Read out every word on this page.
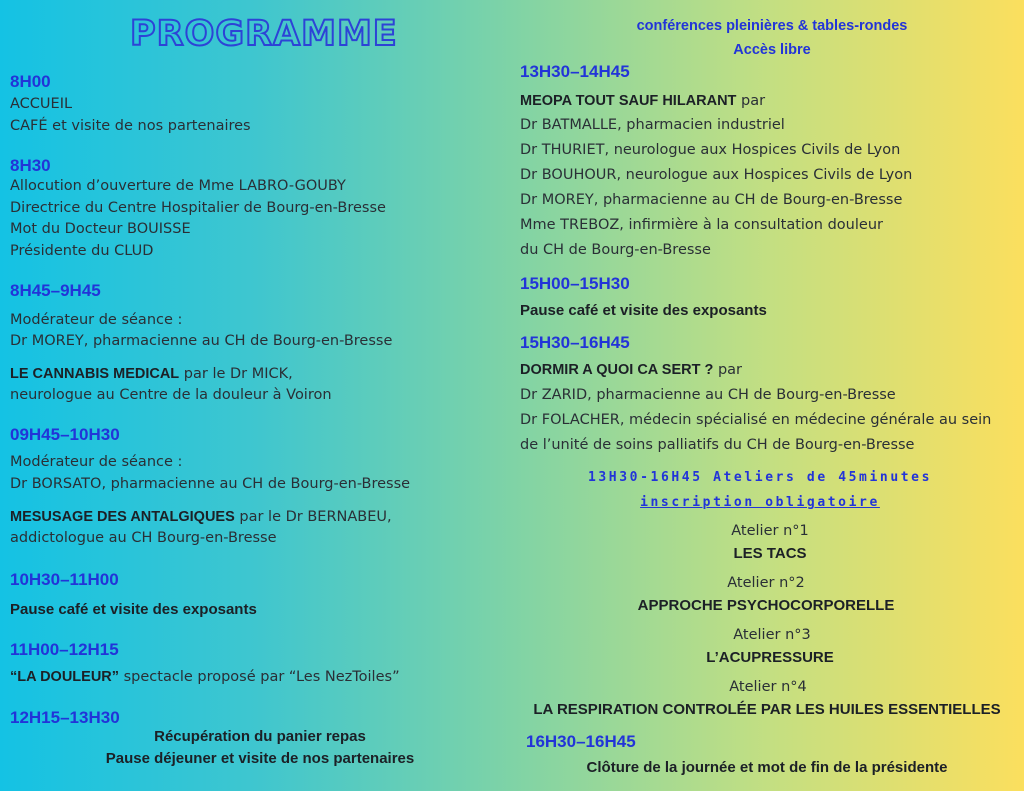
PROGRAMME
8H00
ACCUEIL
CAFÉ et visite de nos partenaires
8H30
Allocution d’ouverture de Mme LABRO-GOUBY
Directrice du Centre Hospitalier de Bourg-en-Bresse
Mot du Docteur BOUISSE
Présidente du CLUD
8H45–9H45
Modérateur de séance :
Dr MOREY, pharmacienne au CH de Bourg-en-Bresse
LE CANNABIS MEDICAL par le Dr MICK,
neurologue au Centre de la douleur à Voiron
09H45–10H30
Modérateur de séance :
Dr BORSATO, pharmacienne au CH de Bourg-en-Bresse
MESUSAGE DES ANTALGIQUES par le Dr BERNABEU,
addictologue au CH Bourg-en-Bresse
10H30–11H00
Pause café et visite des exposants
11H00–12H15
“LA DOULEUR” spectacle proposé par “Les NezToiles”
12H15–13H30
Récupération du panier repas
Pause déjeuner et visite de nos partenaires
conférences pleinières & tables-rondes
Accès libre
13H30–14H45
MEOPA TOUT SAUF HILARANT par
Dr BATMALLE, pharmacien industriel
Dr THURIET, neurologue aux Hospices Civils de Lyon
Dr BOUHOUR, neurologue aux Hospices Civils de Lyon
Dr MOREY, pharmacienne au CH de Bourg-en-Bresse
Mme TREBOZ, infirmière à la consultation douleur
du CH de Bourg-en-Bresse
15H00–15H30
Pause café et visite des exposants
15H30–16H45
DORMIR A QUOI CA SERT ? par
Dr ZARID, pharmacienne au CH de Bourg-en-Bresse
Dr FOLACHER, médecin spécialisé en médecine générale au sein
de l’unité de soins palliatifs du CH de Bourg-en-Bresse
13H30-16H45 Ateliers de 45minutes
inscription obligatoire
Atelier n°1
LES TACS
Atelier n°2
APPROCHE PSYCHOCORPORELLE
Atelier n°3
L’ACUPRESSURE
Atelier n°4
LA RESPIRATION CONTROLÉE PAR LES HUILES ESSENTIELLES
16H30–16H45
Clôture de la journée et mot de fin de la présidente
